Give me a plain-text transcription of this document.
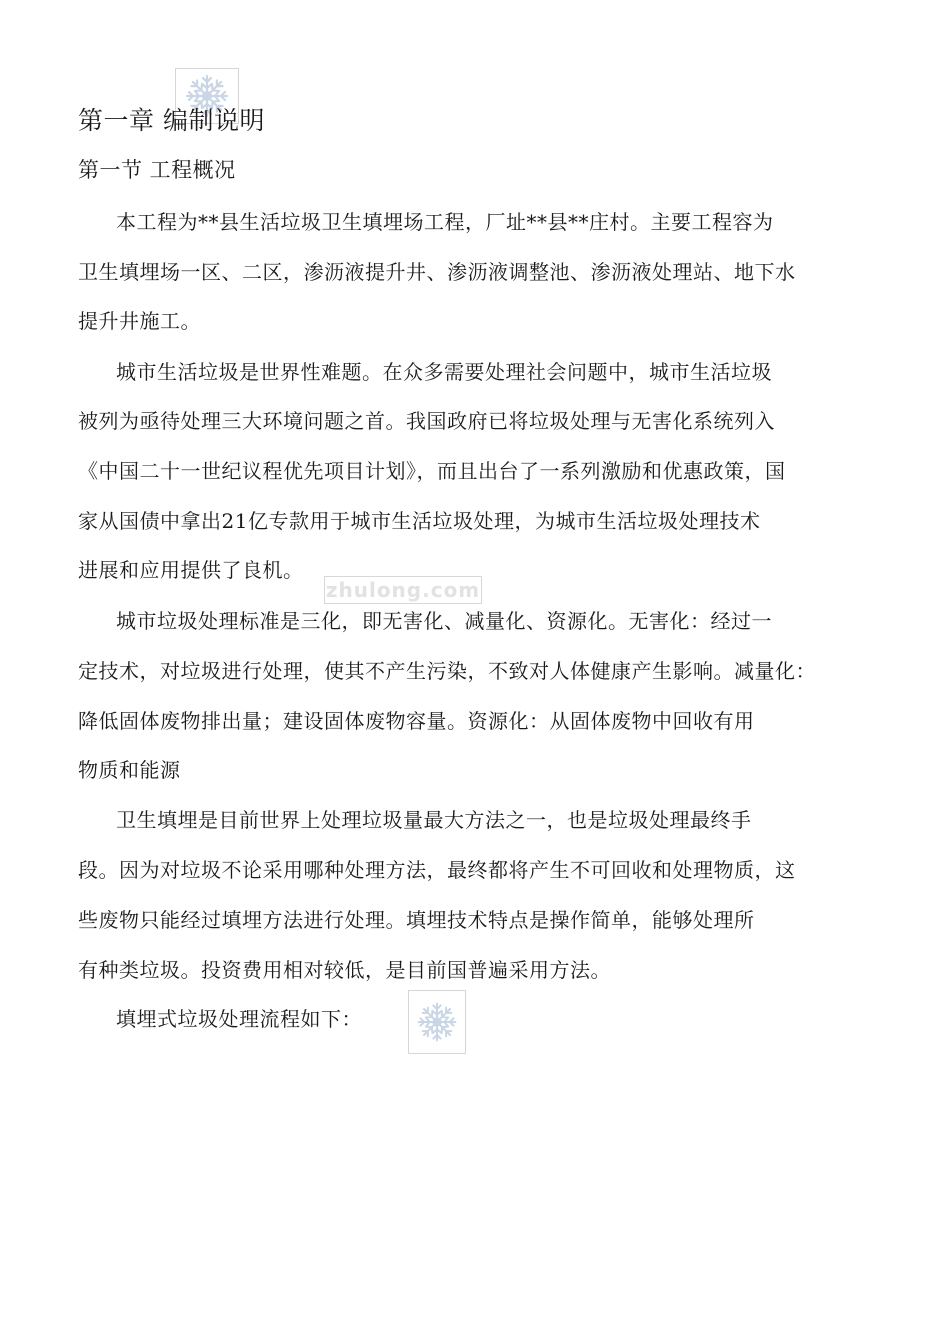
第一章 编制说明
第一节 工程概况
本工程为**县生活垃圾卫生填埋场工程，厂址**县**庄村。主要工程容为
卫生填埋场一区、二区，渗沥液提升井、渗沥液调整池、渗沥液处理站、地下水
提升井施工。
城市生活垃圾是世界性难题。在众多需要处理社会问题中，城市生活垃圾
被列为亟待处理三大环境问题之首。我国政府已将垃圾处理与无害化系统列入
《中国二十一世纪议程优先项目计划》，而且出台了一系列激励和优惠政策，国
家从国债中拿出21亿专款用于城市生活垃圾处理，为城市生活垃圾处理技术
进展和应用提供了良机。
zhulong.com
城市垃圾处理标准是三化，即无害化、减量化、资源化。无害化：经过一
定技术，对垃圾进行处理，使其不产生污染，不致对人体健康产生影响。减量化：
降低固体废物排出量；建设固体废物容量。资源化：从固体废物中回收有用
物质和能源
卫生填埋是目前世界上处理垃圾量最大方法之一，也是垃圾处理最终手
段。因为对垃圾不论采用哪种处理方法，最终都将产生不可回收和处理物质，这
些废物只能经过填埋方法进行处理。填埋技术特点是操作简单，能够处理所
有种类垃圾。投资费用相对较低，是目前国普遍采用方法。
填埋式垃圾处理流程如下：
